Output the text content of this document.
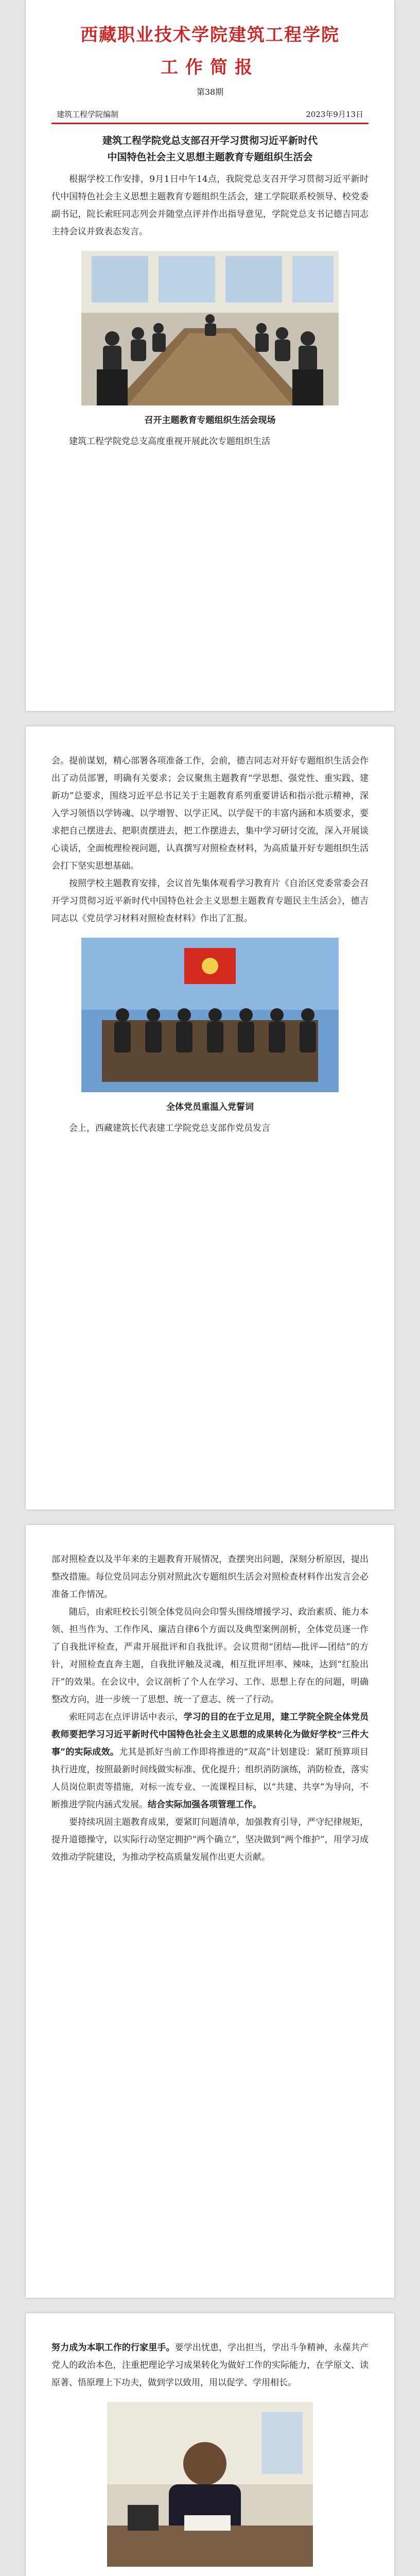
西藏职业技术学院建筑工程学院
工作简报
第38期
建筑工程学院编制	2023年9月13日
建筑工程学院党总支部召开学习贯彻习近平新时代
中国特色社会主义思想主题教育专题组织生活会

根据学校工作安排，9月1日中午14点，我院党总支召开学习贯彻习近平新时代中国特色社会主义思想主题教育专题组织生活会，建工学院联系校领导、校党委副书记，院长索旺同志列会并随堂点评并作出指导意见，学院党总支书记德吉同志主持会议并致表态发言。

召开主题教育专题组织生活会现场

建筑工程学院党总支高度重视开展此次专题组织生活

会。提前谋划，精心部署各项准备工作，会前，德吉同志对开好专题组织生活会作出了动员部署，明确有关要求；会议聚焦主题教育“学思想、强党性、重实践、建新功”总要求，围绕习近平总书记关于主题教育系列重要讲话和指示批示精神，深入学习领悟以学铸魂、以学增智、以学正风、以学促干的丰富内涵和本质要求，要求把自己摆进去、把职责摆进去，把工作摆进去，集中学习研讨交流，深入开展谈心谈话，全面梳理检视问题，认真撰写对照检查材料，为高质量开好专题组织生活会打下坚实思想基础。

按照学校主题教育安排，会议首先集体观看学习教育片《自治区党委常委会召开学习贯彻习近平新时代中国特色社会主义思想主题教育专题民主生活会》，德吉同志以《党员学习材料对照检查材料》作出了汇报。

全体党员重温入党誓词

会上，西藏建筑长代表建工学院党总支部作党员发言

部对照检查以及半年来的主题教育开展情况，查摆突出问题，深刻分析原因，提出整改措施。每位党员同志分别对照此次专题组织生活会对照检查材料作出发言会必准备工作情况。

随后，由索旺校长引领全体党员向会印誓头围绕增援学习、政治素质、能力本领、担当作为、工作作风、廉洁自律6个方面以及典型案例剖析，全体党员逐一作了自我批评检查，严肃开展批评和自我批评。会议贯彻“团结—批评—团结”的方针，对照检查直奔主题，自我批评触及灵魂，相互批评坦率、辣味，达到“红脸出汗”的效果。在会议中，会议剖析了个人在学习、工作、思想上存在的问题，明确整改方向，进一步统一了思想、统一了意志、统一了行动。

索旺同志在点评讲话中表示，学习的目的在于立足用，建工学院全院全体党员教师要把学习习近平新时代中国特色社会主义思想的成果转化为做好学校“三件大事”的实际成效。尤其是抓好当前工作即将推进的“双高”计划建设：紧盯预算项目执行进度，按照最新时间线做实标准、优化提升；组织消防演练，消防检查，落实人员岗位职责等措施，对标一流专业、一流课程目标，以“共建、共享”为导向，不断推进学院内涵式发展。结合实际加强各项管理工作。

要持续巩固主题教育成果，要紧盯问题清单，加强教育引导，严守纪律规矩，提升道德操守，以实际行动坚定拥护“两个确立”，坚决做到“两个维护”，用学习成效推动学院建设，为推动学校高质量发展作出更大贡献。

努力成为本职工作的行家里手。要学出忧患，学出担当，学出斗争精神，永葆共产党人的政治本色，注重把理论学习成果转化为做好工作的实际能力，在学原文、读原著、悟原理上下功夫，做到学以致用，用以促学、学用相长。
